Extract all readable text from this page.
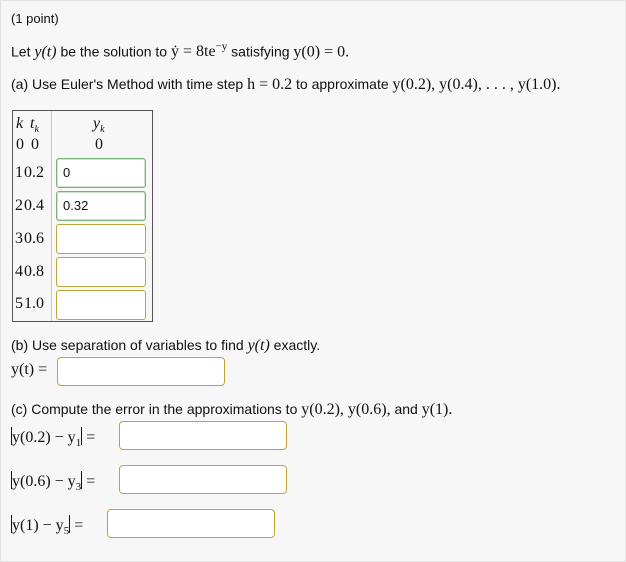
(1 point)
Let y(t) be the solution to ẏ = $8te^{-y}$ satisfying y(0) = 0.
(a) Use Euler's Method with time step h = 0.2 to approximate y(0.2), y(0.4), . . . , y(1.0).
k $t_k$	$y_k$
0 0	0
1 0.2	0
2 0.4	0.32
3 0.6
4 0.8
5 1.0
(b) Use separation of variables to find y(t) exactly.
y(t) =
(c) Compute the error in the approximations to y(0.2), y(0.6), and y(1).
$y(0.2) - y_1$ =
$y(0.6) - y_3$ =
$y(1) - y_5$ =
